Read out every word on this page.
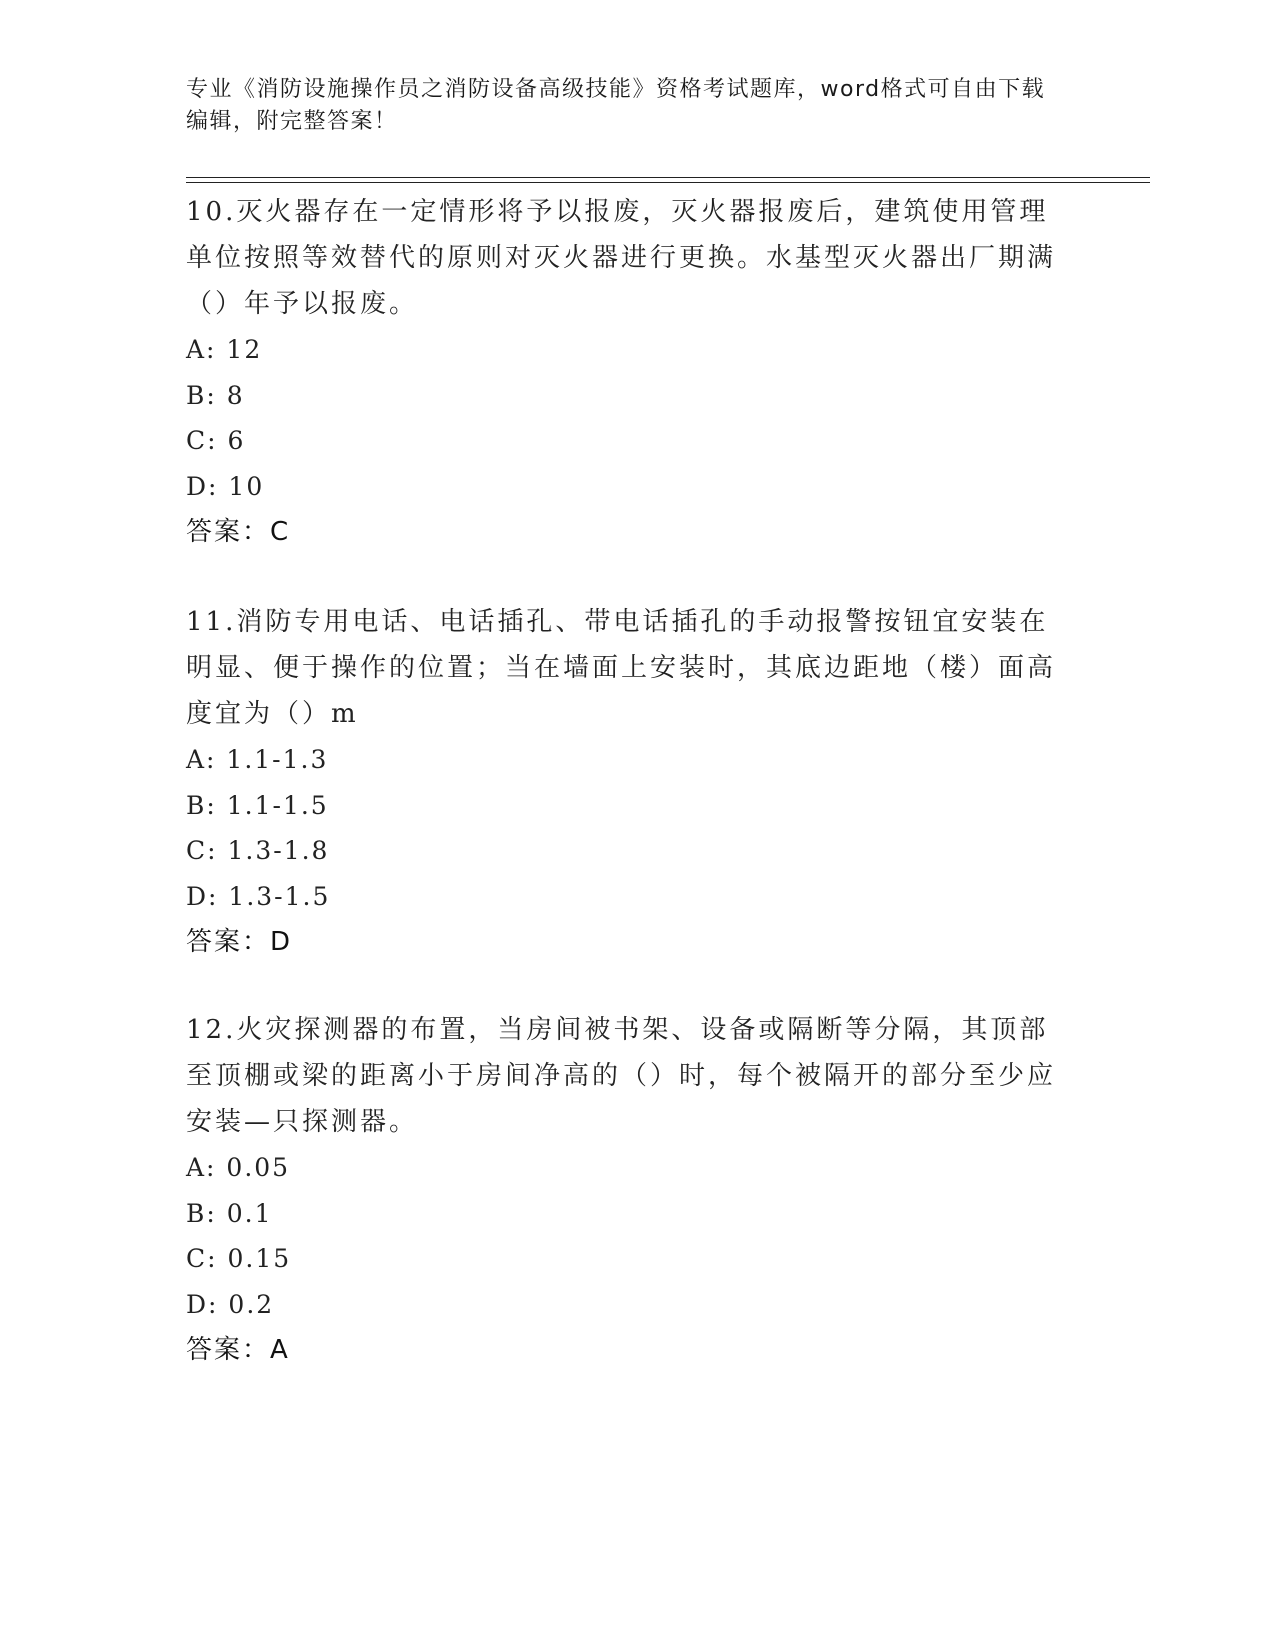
专业《消防设施操作员之消防设备高级技能》资格考试题库，word格式可自由下载编辑，附完整答案！

10.灭火器存在一定情形将予以报废，灭火器报废后，建筑使用管理单位按照等效替代的原则对灭火器进行更换。水基型灭火器出厂期满（）年予以报废。

A: 12

B: 8

C: 6

D: 10

答案：C

11.消防专用电话、电话插孔、带电话插孔的手动报警按钮宜安装在明显、便于操作的位置；当在墙面上安装时，其底边距地（楼）面高度宜为（）m

A: 1.1-1.3

B: 1.1-1.5

C: 1.3-1.8

D: 1.3-1.5

答案：D

12.火灾探测器的布置，当房间被书架、设备或隔断等分隔，其顶部至顶棚或梁的距离小于房间净高的（）时，每个被隔开的部分至少应安装—只探测器。

A: 0.05

B: 0.1

C: 0.15

D: 0.2

答案：A
